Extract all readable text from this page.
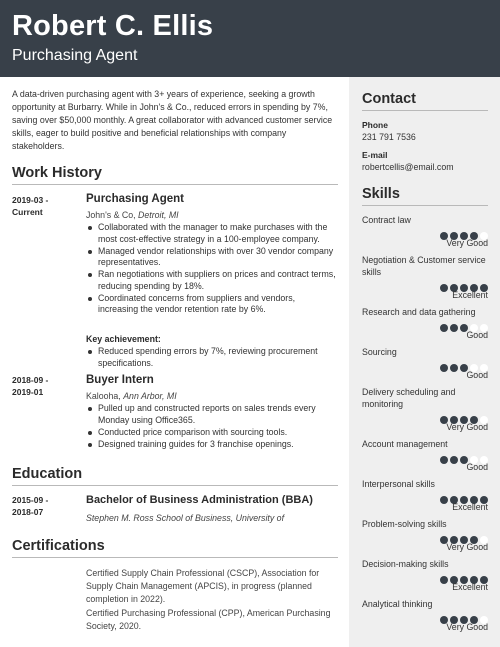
Robert C. Ellis
Purchasing Agent
A data-driven purchasing agent with 3+ years of experience, seeking a growth opportunity at Burbarry. While in John's & Co., reduced errors in spending by 7%, saving over $50,000 monthly. A great collaborator with advanced customer service skills, eager to build positive and beneficial relationships with company stakeholders.
Work History
2019-03 -
Current
Purchasing Agent
John's & Co, Detroit, MI
Collaborated with the manager to make purchases with the most cost-effective strategy in a 100-employee company.
Managed vendor relationships with over 30 vendor company representatives.
Ran negotiations with suppliers on prices and contract terms, reducing spending by 18%.
Coordinated concerns from suppliers and vendors, increasing the vendor retention rate by 6%.
Key achievement:
Reduced spending errors by 7%, reviewing procurement specifications.
2018-09 -
2019-01
Buyer Intern
Kalooha, Ann Arbor, MI
Pulled up and constructed reports on sales trends every Monday using Office365.
Conducted price comparison with sourcing tools.
Designed training guides for 3 franchise openings.
Education
2015-09 -
2018-07
Bachelor of Business Administration (BBA)
Stephen M. Ross School of Business, University of
Certifications
Certified Supply Chain Professional (CSCP), Association for Supply Chain Management (APCIS), in progress (planned completion in 2022).
Certified Purchasing Professional (CPP), American Purchasing Society, 2020.
Contact
Phone
231 791 7536
E-mail
robertcellis@email.com
Skills
Contract law
Very Good
Negotiation & Customer service skills
Excellent
Research and data gathering
Good
Sourcing
Good
Delivery scheduling and monitoring
Very Good
Account management
Good
Interpersonal skills
Excellent
Problem-solving skills
Very Good
Decision-making skills
Excellent
Analytical thinking
Very Good
